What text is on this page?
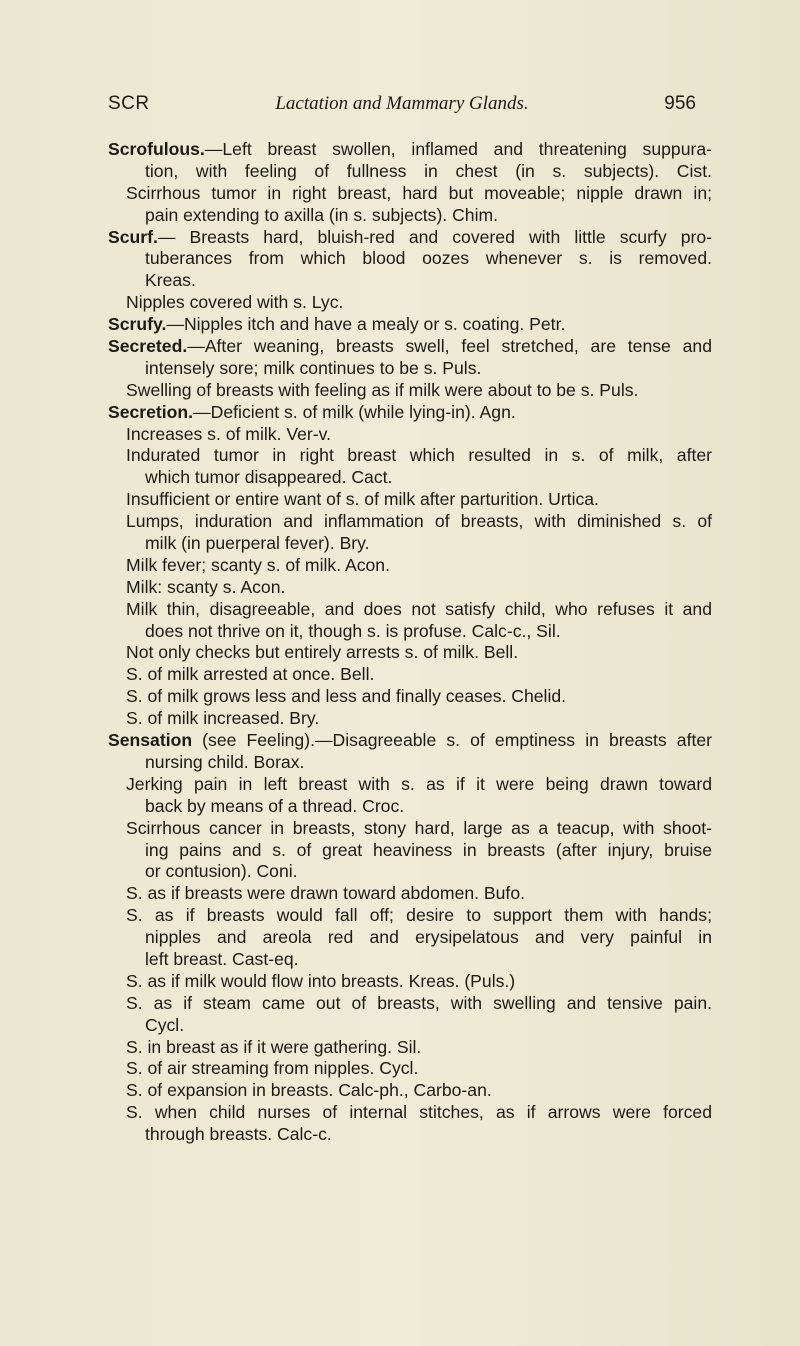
SCR	Lactation and Mammary Glands.	956
Scrofulous.—Left breast swollen, inflamed and threatening suppura-
tion, with feeling of fullness in chest (in s. subjects). Cist.
Scirrhous tumor in right breast, hard but moveable; nipple drawn in;
pain extending to axilla (in s. subjects). Chim.
Scurf.— Breasts hard, bluish-red and covered with little scurfy pro-
tuberances from which blood oozes whenever s. is removed.
Kreas.
Nipples covered with s. Lyc.
Scrufy.—Nipples itch and have a mealy or s. coating. Petr.
Secreted.—After weaning, breasts swell, feel stretched, are tense and
intensely sore; milk continues to be s. Puls.
Swelling of breasts with feeling as if milk were about to be s. Puls.
Secretion.—Deficient s. of milk (while lying-in). Agn.
Increases s. of milk. Ver-v.
Indurated tumor in right breast which resulted in s. of milk, after
which tumor disappeared. Cact.
Insufficient or entire want of s. of milk after parturition. Urtica.
Lumps, induration and inflammation of breasts, with diminished s. of
milk (in puerperal fever). Bry.
Milk fever; scanty s. of milk. Acon.
Milk: scanty s. Acon.
Milk thin, disagreeable, and does not satisfy child, who refuses it and
does not thrive on it, though s. is profuse. Calc-c., Sil.
Not only checks but entirely arrests s. of milk. Bell.
S. of milk arrested at once. Bell.
S. of milk grows less and less and finally ceases. Chelid.
S. of milk increased. Bry.
Sensation (see Feeling).—Disagreeable s. of emptiness in breasts after
nursing child. Borax.
Jerking pain in left breast with s. as if it were being drawn toward
back by means of a thread. Croc.
Scirrhous cancer in breasts, stony hard, large as a teacup, with shoot-
ing pains and s. of great heaviness in breasts (after injury, bruise
or contusion). Coni.
S. as if breasts were drawn toward abdomen. Bufo.
S. as if breasts would fall off; desire to support them with hands;
nipples and areola red and erysipelatous and very painful in
left breast. Cast-eq.
S. as if milk would flow into breasts. Kreas. (Puls.)
S. as if steam came out of breasts, with swelling and tensive pain.
Cycl.
S. in breast as if it were gathering. Sil.
S. of air streaming from nipples. Cycl.
S. of expansion in breasts. Calc-ph., Carbo-an.
S. when child nurses of internal stitches, as if arrows were forced
through breasts. Calc-c.
